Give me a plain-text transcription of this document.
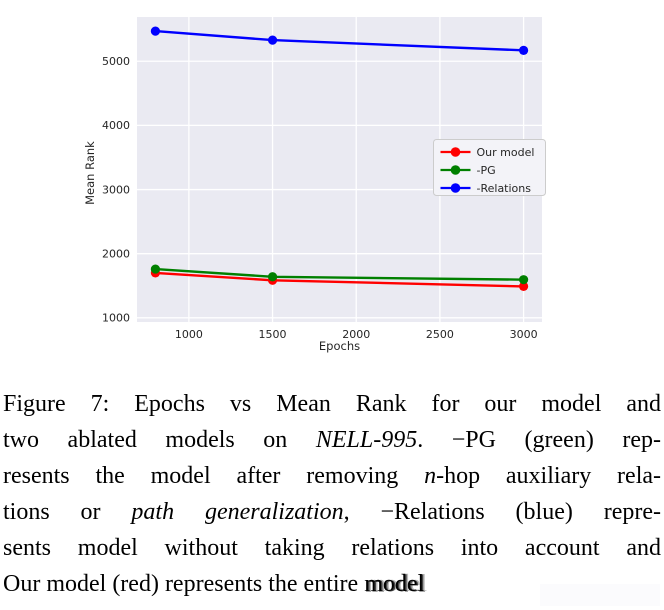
1000	1500	2000	2500	3000
1000
2000
3000
4000
5000
Epochs
Mean Rank	Our model
-PG
-Relations
Figure 7: Epochs vs Mean Rank for our model and
two ablated models on NELL-995. −PG (green) rep-
resents the model after removing n-hop auxiliary rela-
tions or path generalization, −Relations (blue) repre-
sents model without taking relations into account and
Our model (red) represents the entire model
